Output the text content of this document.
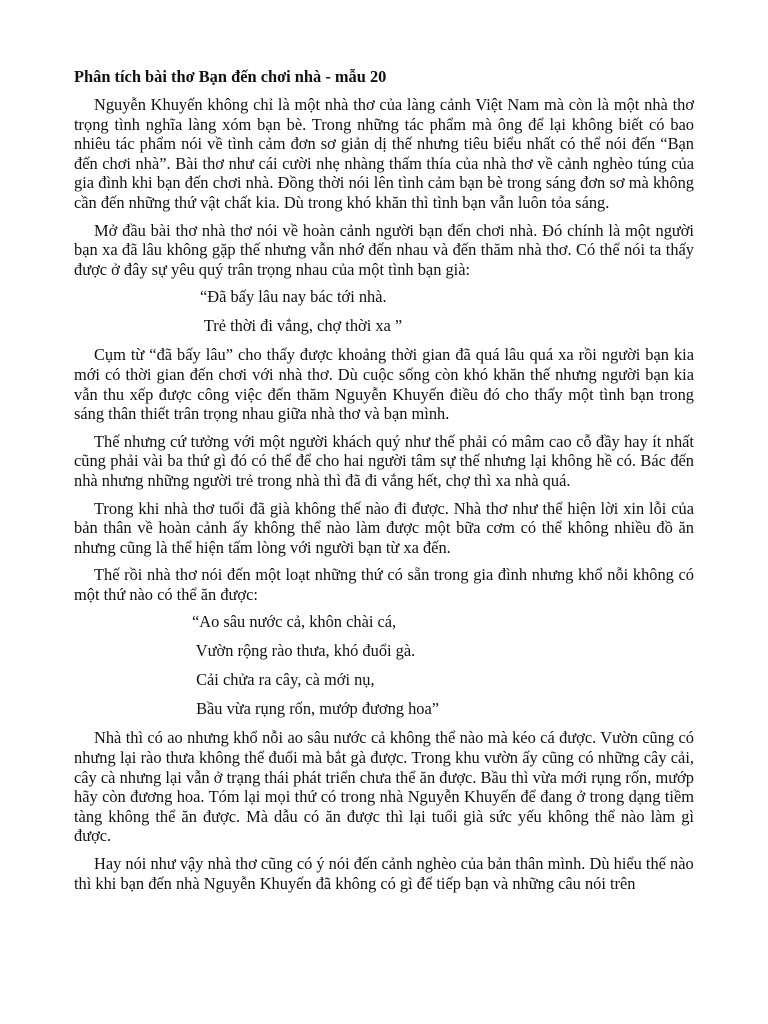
Phân tích bài thơ Bạn đến chơi nhà - mẫu 20

Nguyễn Khuyến không chỉ là một nhà thơ của làng cảnh Việt Nam mà còn là một nhà thơ trọng tình nghĩa làng xóm bạn bè. Trong những tác phẩm mà ông để lại không biết có bao nhiêu tác phẩm nói về tình cảm đơn sơ giản dị thế nhưng tiêu biểu nhất có thể nói đến “Bạn đến chơi nhà”. Bài thơ như cái cười nhẹ nhàng thấm thía của nhà thơ về cảnh nghèo túng của gia đình khi bạn đến chơi nhà. Đồng thời nói lên tình cảm bạn bè trong sáng đơn sơ mà không cần đến những thứ vật chất kia. Dù trong khó khăn thì tình bạn vẫn luôn tỏa sáng.

Mở đầu bài thơ nhà thơ nói về hoàn cảnh người bạn đến chơi nhà. Đó chính là một người bạn xa đã lâu không gặp thế nhưng vẫn nhớ đến nhau và đến thăm nhà thơ. Có thể nói ta thấy được ở đây sự yêu quý trân trọng nhau của một tình bạn già:

“Đã bấy lâu nay bác tới nhà.

Trẻ thời đi vắng, chợ thời xa ”

Cụm từ “đã bấy lâu” cho thấy được khoảng thời gian đã quá lâu quá xa rồi người bạn kia mới có thời gian đến chơi với nhà thơ. Dù cuộc sống còn khó khăn thế nhưng người bạn kia vẫn thu xếp được công việc đến thăm Nguyễn Khuyến điều đó cho thấy một tình bạn trong sáng thân thiết trân trọng nhau giữa nhà thơ và bạn mình.

Thế nhưng cứ tưởng với một người khách quý như thế phải có mâm cao cỗ đầy hay ít nhất cũng phải vài ba thứ gì đó có thể để cho hai người tâm sự thế nhưng lại không hề có. Bác đến nhà nhưng những người trẻ trong nhà thì đã đi vắng hết, chợ thì xa nhà quá.

Trong khi nhà thơ tuổi đã già không thế nào đi được. Nhà thơ như thể hiện lời xin lỗi của bản thân về hoàn cảnh ấy không thể nào làm được một bữa cơm có thể không nhiều đồ ăn nhưng cũng là thể hiện tấm lòng với người bạn từ xa đến.

Thế rồi nhà thơ nói đến một loạt những thứ có sẵn trong gia đình nhưng khổ nỗi không có một thứ nào có thể ăn được:

“Ao sâu nước cả, khôn chài cá,

Vườn rộng rào thưa, khó đuổi gà.

Cải chửa ra cây, cà mới nụ,

Bầu vừa rụng rốn, mướp đương hoa”

Nhà thì có ao nhưng khổ nỗi ao sâu nước cả không thể nào mà kéo cá được. Vườn cũng có nhưng lại rào thưa không thể đuổi mà bắt gà được. Trong khu vườn ấy cũng có những cây cải, cây cà nhưng lại vẫn ở trạng thái phát triển chưa thể ăn được. Bầu thì vừa mới rụng rốn, mướp hãy còn đương hoa. Tóm lại mọi thứ có trong nhà Nguyễn Khuyến để đang ở trong dạng tiềm tàng không thể ăn được. Mà dẫu có ăn được thì lại tuổi già sức yếu không thể nào làm gì được.

Hay nói như vậy nhà thơ cũng có ý nói đến cảnh nghèo của bản thân mình. Dù hiểu thế nào thì khi bạn đến nhà Nguyễn Khuyến đã không có gì để tiếp bạn và những câu nói trên
